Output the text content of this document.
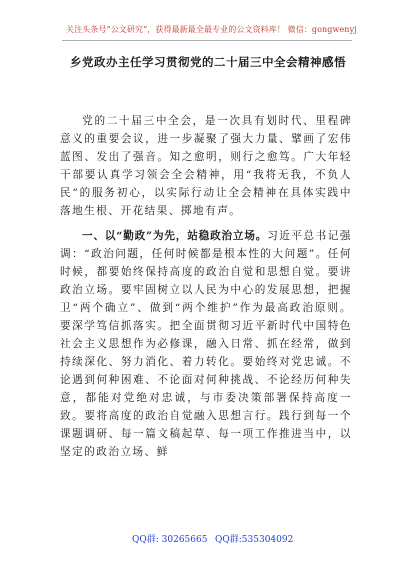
关注头条号“公文研究”，获得最新最全最专业的公文资料库！ 微信：gongwenyj
乡党政办主任学习贯彻党的二十届三中全会精神感悟
党的二十届三中全会，是一次具有划时代、里程碑意义的重要会议，进一步凝聚了强大力量、擘画了宏伟蓝图、发出了强音。知之愈明，则行之愈笃。广大年轻干部要认真学习领会全会精神，用“我将无我，不负人民”的服务初心，以实际行动让全会精神在具体实践中落地生根、开花结果、掷地有声。
一、以“勤政”为先，站稳政治立场。习近平总书记强调：“政治问题，任何时候都是根本性的大问题”。任何时候，都要始终保持高度的政治自觉和思想自觉。要讲政治立场。要牢固树立以人民为中心的发展思想，把握卫“两个确立”、做到“两个维护”作为最高政治原则。要深学笃信抓落实。把全面贯彻习近平新时代中国特色社会主义思想作为必修课，融入日常、抓在经常，做到持续深化、努力消化、着力转化。要始终对党忠诚。不论遇到何种困难、不论面对何种挑战、不论经历何种失意，都能对党绝对忠诚，与市委决策部署保持高度一致。要将高度的政治自觉融入思想言行。践行到每一个课题调研、每一篇文稿起草、每一项工作推进当中，以坚定的政治立场、鲜
QQ群: 30265665 QQ群:535304092
